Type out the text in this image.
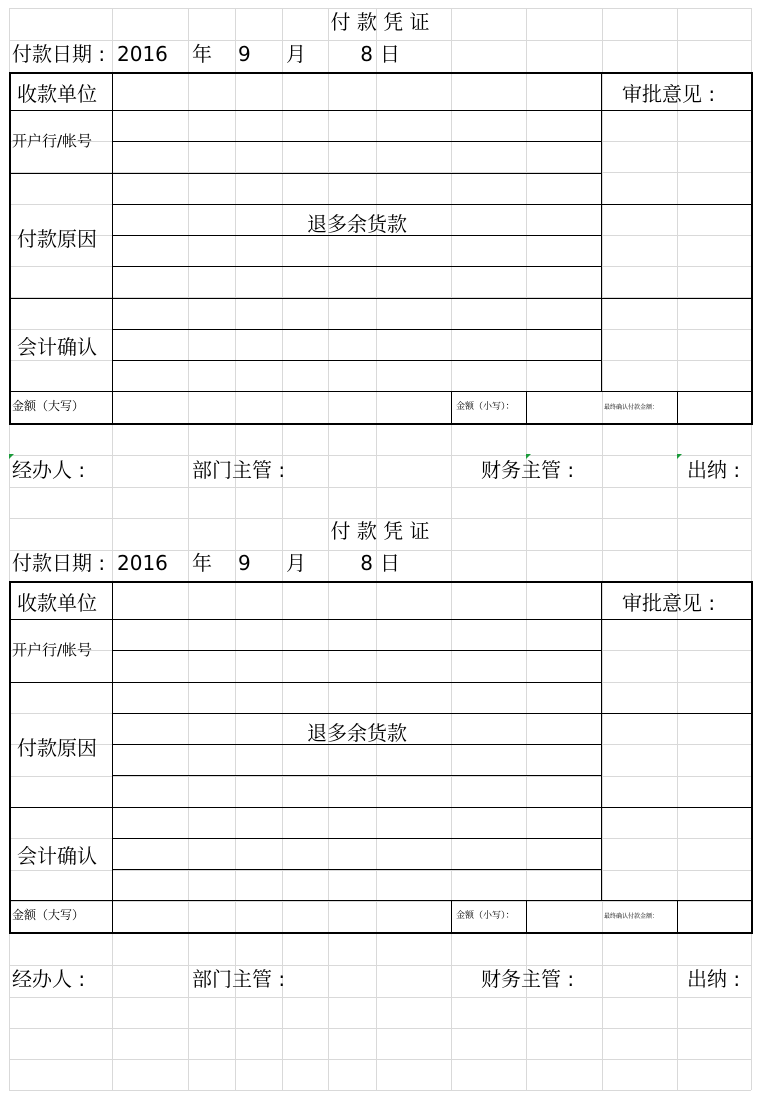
付 款 凭 证
付款日期 : 2016 年 9 月	8 日
收款单位	审批意见 :
开户行/帐号
付款原因
退多余货款
会计确认
金额（大写）	金额（小写）：	最终确认付款金额：
经办人 :	部门主管 :	财务主管 :	出纳 :
付 款 凭 证
付款日期 : 2016 年 9 月	8 日
收款单位	审批意见 :
开户行/帐号
付款原因
退多余货款
会计确认
金额（大写）	金额（小写）：	最终确认付款金额：
经办人 :	部门主管 :	财务主管 :	出纳 :
